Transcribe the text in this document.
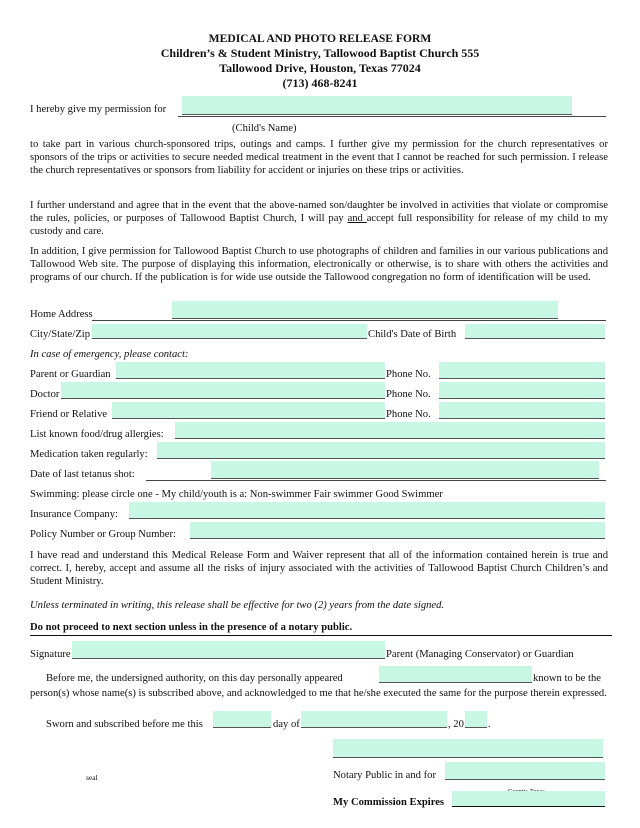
MEDICAL AND PHOTO RELEASE FORM
Children’s & Student Ministry, Tallowood Baptist Church 555
Tallowood Drive, Houston, Texas 77024
(713) 468-8241
I hereby give my permission for
(Child's Name)
to take part in various church-sponsored trips, outings and camps. I further give my permission for the church representatives or sponsors of the trips or activities to secure needed medical treatment in the event that I cannot be reached for such permission. I release the church representatives or sponsors from liability for accident or injuries on these trips or activities.
I further understand and agree that in the event that the above-named son/daughter be involved in activities that violate or compromise the rules, policies, or purposes of Tallowood Baptist Church, I will pay and accept full responsibility for release of my child to my custody and care.
In addition, I give permission for Tallowood Baptist Church to use photographs of children and families in our various publications and Tallowood Web site. The purpose of displaying this information, electronically or otherwise, is to share with others the activities and programs of our church. If the publication is for wide use outside the Tallowood congregation no form of identification will be used.
Home Address
City/State/Zip	Child's Date of Birth
In case of emergency, please contact:
Parent or Guardian	Phone No.
Doctor	Phone No.
Friend or Relative	Phone No.
List known food/drug allergies:
Medication taken regularly:
Date of last tetanus shot:
Swimming: please circle one - My child/youth is a: Non-swimmer Fair swimmer Good Swimmer
Insurance Company:
Policy Number or Group Number:
I have read and understand this Medical Release Form and Waiver represent that all of the information contained herein is true and correct. I, hereby, accept and assume all the risks of injury associated with the activities of Tallowood Baptist Church Children’s and Student Ministry.
Unless terminated in writing, this release shall be effective for two (2) years from the date signed.
Do not proceed to next section unless in the presence of a notary public.
Signature	Parent (Managing Conservator) or Guardian
Before me, the undersigned authority, on this day personally appeared	known to be the
person(s) whose name(s) is subscribed above, and acknowledged to me that he/she executed the same for the purpose therein expressed.
Sworn and subscribed before me this	day of	, 20 .
seal	Notary Public in and for
My Commission Expires
